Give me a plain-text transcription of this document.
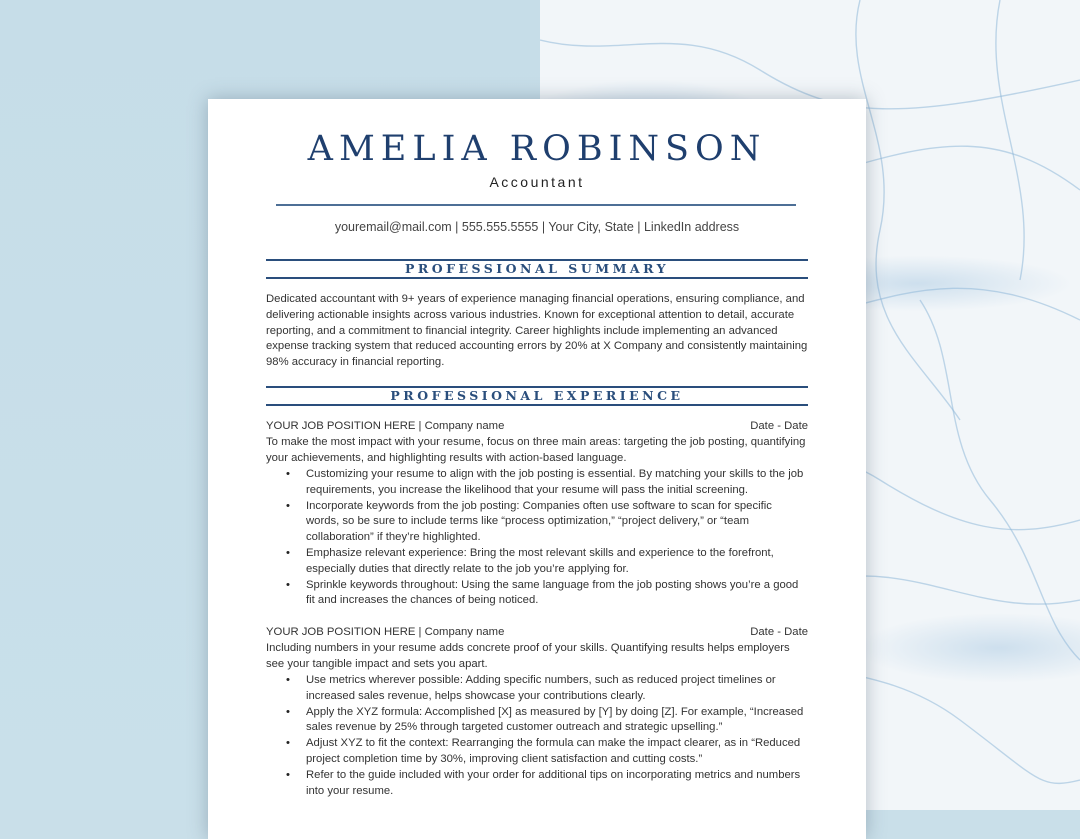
AMELIA ROBINSON
Accountant
youremail@mail.com | 555.555.5555 | Your City, State | LinkedIn address
PROFESSIONAL SUMMARY
Dedicated accountant with 9+ years of experience managing financial operations, ensuring compliance, and delivering actionable insights across various industries. Known for exceptional attention to detail, accurate reporting, and a commitment to financial integrity. Career highlights include implementing an advanced expense tracking system that reduced accounting errors by 20% at X Company and consistently maintaining 98% accuracy in financial reporting.
PROFESSIONAL EXPERIENCE
YOUR JOB POSITION HERE | Company name	Date - Date
To make the most impact with your resume, focus on three main areas: targeting the job posting, quantifying your achievements, and highlighting results with action-based language.
• Customizing your resume to align with the job posting is essential. By matching your skills to the job requirements, you increase the likelihood that your resume will pass the initial screening.
• Incorporate keywords from the job posting: Companies often use software to scan for specific words, so be sure to include terms like “process optimization,” “project delivery,” or “team collaboration” if they’re highlighted.
• Emphasize relevant experience: Bring the most relevant skills and experience to the forefront, especially duties that directly relate to the job you’re applying for.
• Sprinkle keywords throughout: Using the same language from the job posting shows you’re a good fit and increases the chances of being noticed.
YOUR JOB POSITION HERE | Company name	Date - Date
Including numbers in your resume adds concrete proof of your skills. Quantifying results helps employers see your tangible impact and sets you apart.
• Use metrics wherever possible: Adding specific numbers, such as reduced project timelines or increased sales revenue, helps showcase your contributions clearly.
• Apply the XYZ formula: Accomplished [X] as measured by [Y] by doing [Z]. For example, “Increased sales revenue by 25% through targeted customer outreach and strategic upselling.”
• Adjust XYZ to fit the context: Rearranging the formula can make the impact clearer, as in “Reduced project completion time by 30%, improving client satisfaction and cutting costs.”
• Refer to the guide included with your order for additional tips on incorporating metrics and numbers into your resume.
